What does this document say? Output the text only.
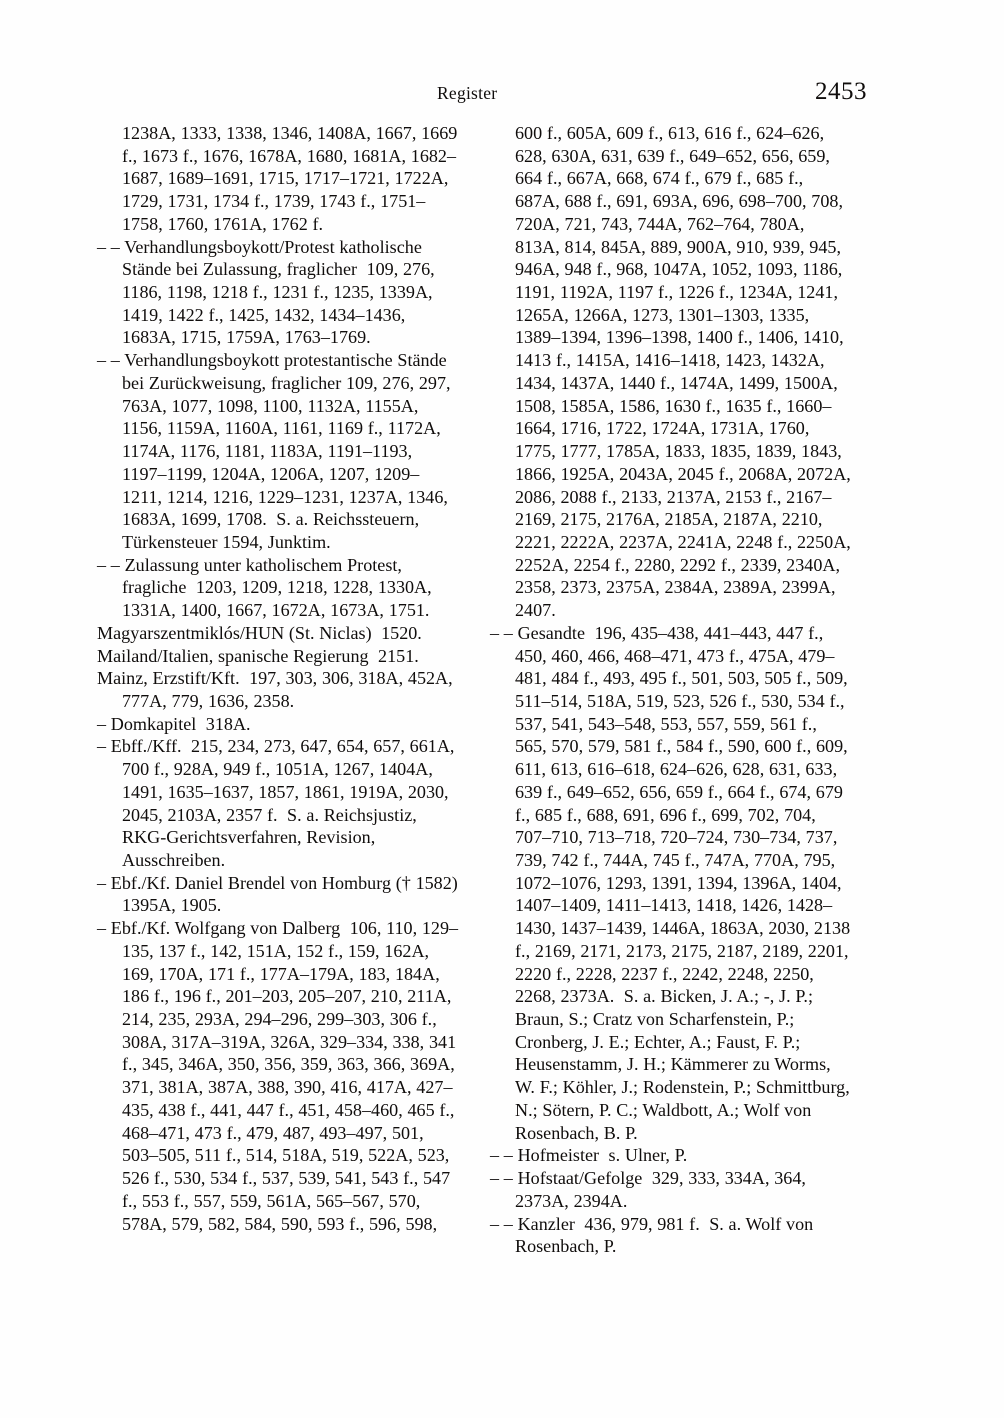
Register	2453

1238A, 1333, 1338, 1346, 1408A, 1667, 1669 f., 1673 f., 1676, 1678A, 1680, 1681A, 1682–1687, 1689–1691, 1715, 1717–1721, 1722A, 1729, 1731, 1734 f., 1739, 1743 f., 1751–1758, 1760, 1761A, 1762 f.

– – Verhandlungsboykott/Protest katholische Stände bei Zulassung, fraglicher  109, 276, 1186, 1198, 1218 f., 1231 f., 1235, 1339A, 1419, 1422 f., 1425, 1432, 1434–1436, 1683A, 1715, 1759A, 1763–1769.

– – Verhandlungsboykott protestantische Stände bei Zurückweisung, fraglicher 109, 276, 297, 763A, 1077, 1098, 1100, 1132A, 1155A, 1156, 1159A, 1160A, 1161, 1169 f., 1172A, 1174A, 1176, 1181, 1183A, 1191–1193, 1197–1199, 1204A, 1206A, 1207, 1209–1211, 1214, 1216, 1229–1231, 1237A, 1346, 1683A, 1699, 1708.  S. a. Reichssteuern, Türkensteuer 1594, Junktim.

– – Zulassung unter katholischem Protest, fragliche  1203, 1209, 1218, 1228, 1330A, 1331A, 1400, 1667, 1672A, 1673A, 1751.

Magyarszentmiklós/HUN (St. Niclas)  1520.

Mailand/Italien, spanische Regierung  2151.

Mainz, Erzstift/Kft.  197, 303, 306, 318A, 452A, 777A, 779, 1636, 2358.

– Domkapitel  318A.

– Ebff./Kff.  215, 234, 273, 647, 654, 657, 661A, 700 f., 928A, 949 f., 1051A, 1267, 1404A, 1491, 1635–1637, 1857, 1861, 1919A, 2030, 2045, 2103A, 2357 f.  S. a. Reichsjustiz, RKG-Gerichtsverfahren, Revision, Ausschreiben.

– Ebf./Kf. Daniel Brendel von Homburg († 1582)  1395A, 1905.

– Ebf./Kf. Wolfgang von Dalberg  106, 110, 129–135, 137 f., 142, 151A, 152 f., 159, 162A, 169, 170A, 171 f., 177A–179A, 183, 184A, 186 f., 196 f., 201–203, 205–207, 210, 211A, 214, 235, 293A, 294–296, 299–303, 306 f., 308A, 317A–319A, 326A, 329–334, 338, 341 f., 345, 346A, 350, 356, 359, 363, 366, 369A, 371, 381A, 387A, 388, 390, 416, 417A, 427–435, 438 f., 441, 447 f., 451, 458–460, 465 f., 468–471, 473 f., 479, 487, 493–497, 501, 503–505, 511 f., 514, 518A, 519, 522A, 523, 526 f., 530, 534 f., 537, 539, 541, 543 f., 547 f., 553 f., 557, 559, 561A, 565–567, 570, 578A, 579, 582, 584, 590, 593 f., 596, 598,

600 f., 605A, 609 f., 613, 616 f., 624–626, 628, 630A, 631, 639 f., 649–652, 656, 659, 664 f., 667A, 668, 674 f., 679 f., 685 f., 687A, 688 f., 691, 693A, 696, 698–700, 708, 720A, 721, 743, 744A, 762–764, 780A, 813A, 814, 845A, 889, 900A, 910, 939, 945, 946A, 948 f., 968, 1047A, 1052, 1093, 1186, 1191, 1192A, 1197 f., 1226 f., 1234A, 1241, 1265A, 1266A, 1273, 1301–1303, 1335, 1389–1394, 1396–1398, 1400 f., 1406, 1410, 1413 f., 1415A, 1416–1418, 1423, 1432A, 1434, 1437A, 1440 f., 1474A, 1499, 1500A, 1508, 1585A, 1586, 1630 f., 1635 f., 1660–1664, 1716, 1722, 1724A, 1731A, 1760, 1775, 1777, 1785A, 1833, 1835, 1839, 1843, 1866, 1925A, 2043A, 2045 f., 2068A, 2072A, 2086, 2088 f., 2133, 2137A, 2153 f., 2167–2169, 2175, 2176A, 2185A, 2187A, 2210, 2221, 2222A, 2237A, 2241A, 2248 f., 2250A, 2252A, 2254 f., 2280, 2292 f., 2339, 2340A, 2358, 2373, 2375A, 2384A, 2389A, 2399A, 2407.

– – Gesandte  196, 435–438, 441–443, 447 f., 450, 460, 466, 468–471, 473 f., 475A, 479–481, 484 f., 493, 495 f., 501, 503, 505 f., 509, 511–514, 518A, 519, 523, 526 f., 530, 534 f., 537, 541, 543–548, 553, 557, 559, 561 f., 565, 570, 579, 581 f., 584 f., 590, 600 f., 609, 611, 613, 616–618, 624–626, 628, 631, 633, 639 f., 649–652, 656, 659 f., 664 f., 674, 679 f., 685 f., 688, 691, 696 f., 699, 702, 704, 707–710, 713–718, 720–724, 730–734, 737, 739, 742 f., 744A, 745 f., 747A, 770A, 795, 1072–1076, 1293, 1391, 1394, 1396A, 1404, 1407–1409, 1411–1413, 1418, 1426, 1428–1430, 1437–1439, 1446A, 1863A, 2030, 2138 f., 2169, 2171, 2173, 2175, 2187, 2189, 2201, 2220 f., 2228, 2237 f., 2242, 2248, 2250, 2268, 2373A.  S. a. Bicken, J. A.; -, J. P.; Braun, S.; Cratz von Scharfenstein, P.; Cronberg, J. E.; Echter, A.; Faust, F. P.; Heusenstamm, J. H.; Kämmerer zu Worms, W. F.; Köhler, J.; Rodenstein, P.; Schmittburg, N.; Sötern, P. C.; Waldbott, A.; Wolf von Rosenbach, B. P.

– – Hofmeister  s. Ulner, P.

– – Hofstaat/Gefolge  329, 333, 334A, 364, 2373A, 2394A.

– – Kanzler  436, 979, 981 f.  S. a. Wolf von Rosenbach, P.
